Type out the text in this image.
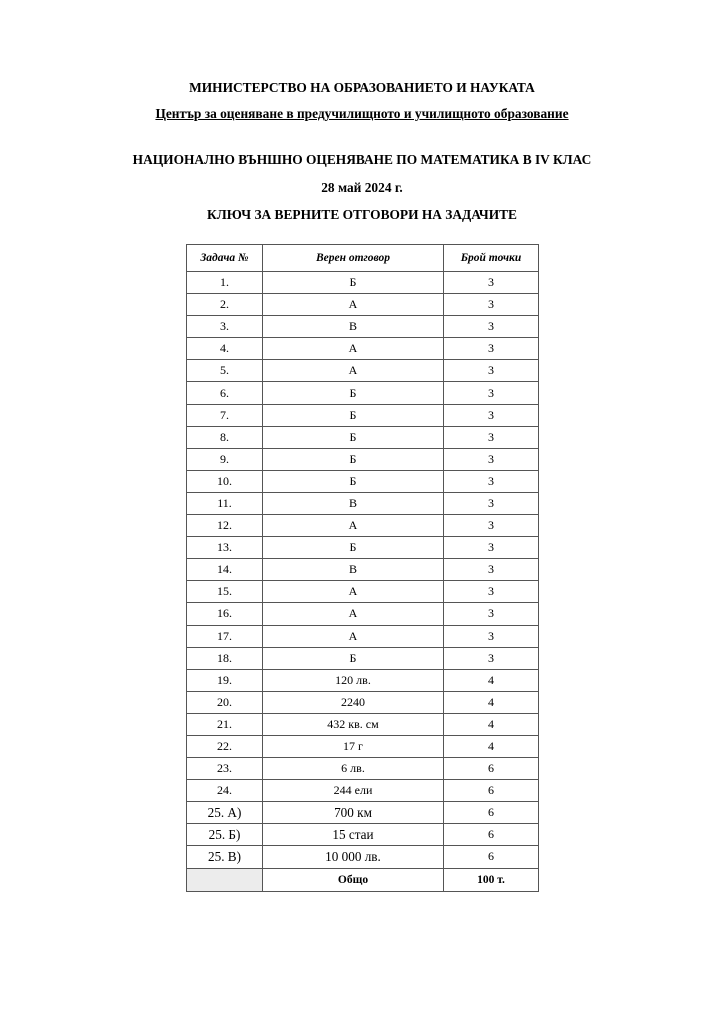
МИНИСТЕРСТВО НА ОБРАЗОВАНИЕТО И НАУКАТА
Център за оценяване в предучилищното и училищното образование
НАЦИОНАЛНО ВЪНШНО ОЦЕНЯВАНЕ ПО МАТЕМАТИКА В IV КЛАС
28 май 2024 г.
КЛЮЧ ЗА ВЕРНИТЕ ОТГОВОРИ НА ЗАДАЧИТЕ
Задача №	Верен отговор	Брой точки
1.	Б	3
2.	А	3
3.	В	3
4.	А	3
5.	А	3
6.	Б	3
7.	Б	3
8.	Б	3
9.	Б	3
10.	Б	3
11.	В	3
12.	А	3
13.	Б	3
14.	В	3
15.	А	3
16.	А	3
17.	А	3
18.	Б	3
19.	120 лв.	4
20.	2240	4
21.	432 кв. см	4
22.	17 г	4
23.	6 лв.	6
24.	244 ели	6
25. А)	700 км	6
25. Б)	15 стаи	6
25. В)	10 000 лв.	6
	Общо	100 т.
